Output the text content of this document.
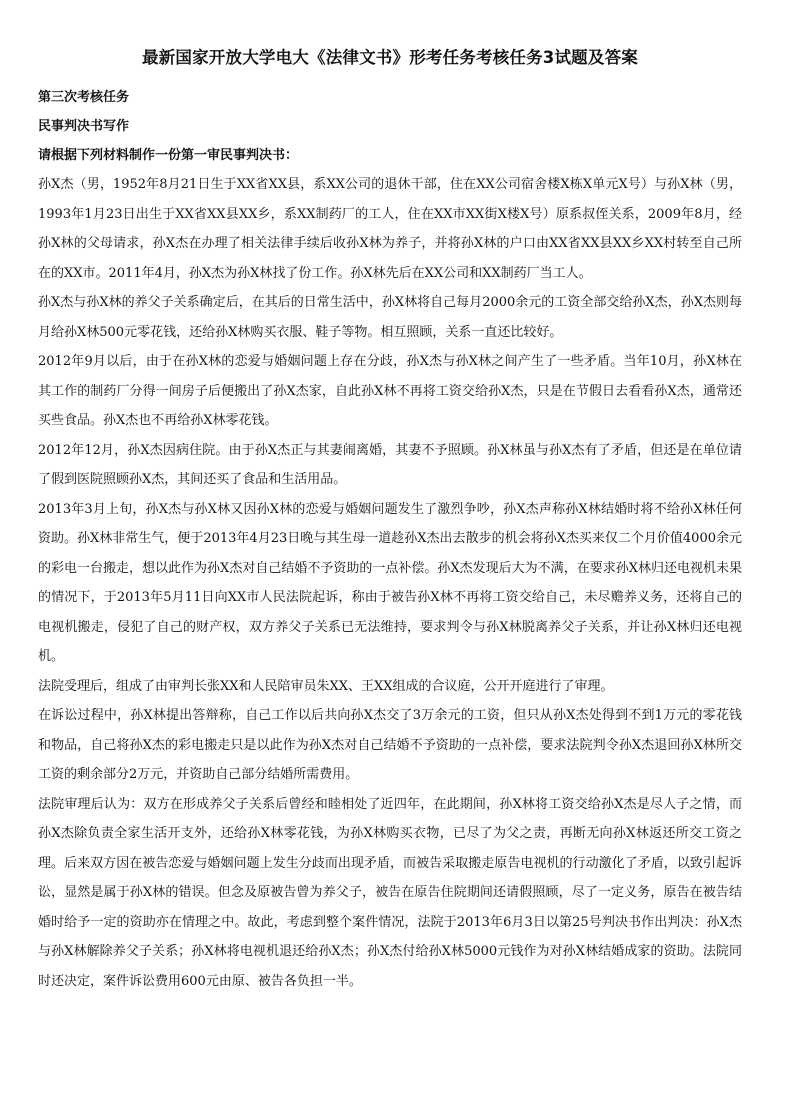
最新国家开放大学电大《法律文书》形考任务考核任务3试题及答案

第三次考核任务

民事判决书写作

请根据下列材料制作一份第一审民事判决书：

孙X杰（男，1952年8月21日生于XX省XX县，系XX公司的退休干部，住在XX公司宿舍楼X栋X单元X号）与孙X林（男，1993年1月23日出生于XX省XX县XX乡，系XX制药厂的工人，住在XX市XX街X楼X号）原系叔侄关系，2009年8月，经孙X林的父母请求，孙X杰在办理了相关法律手续后收孙X林为养子，并将孙X林的户口由XX省XX县XX乡XX村转至自己所在的XX市。2011年4月，孙X杰为孙X林找了份工作。孙X林先后在XX公司和XX制药厂当工人。

孙X杰与孙X林的养父子关系确定后，在其后的日常生活中，孙X林将自己每月2000余元的工资全部交给孙X杰，孙X杰则每月给孙X林500元零花钱，还给孙X林购买衣服、鞋子等物。相互照顾，关系一直还比较好。

2012年9月以后，由于在孙X林的恋爱与婚姻问题上存在分歧，孙X杰与孙X林之间产生了一些矛盾。当年10月，孙X林在其工作的制药厂分得一间房子后便搬出了孙X杰家，自此孙X林不再将工资交给孙X杰，只是在节假日去看看孙X杰，通常还买些食品。孙X杰也不再给孙X林零花钱。

2012年12月，孙X杰因病住院。由于孙X杰正与其妻闹离婚，其妻不予照顾。孙X林虽与孙X杰有了矛盾，但还是在单位请了假到医院照顾孙X杰，其间还买了食品和生活用品。

2013年3月上旬，孙X杰与孙X林又因孙X林的恋爱与婚姻问题发生了激烈争吵，孙X杰声称孙X林结婚时将不给孙X林任何资助。孙X林非常生气，便于2013年4月23日晚与其生母一道趁孙X杰出去散步的机会将孙X杰买来仅二个月价值4000余元的彩电一台搬走，想以此作为孙X杰对自己结婚不予资助的一点补偿。孙X杰发现后大为不满，在要求孙X林归还电视机未果的情况下，于2013年5月11日向XX市人民法院起诉，称由于被告孙X林不再将工资交给自己，未尽赡养义务，还将自己的电视机搬走，侵犯了自己的财产权，双方养父子关系已无法维持，要求判令与孙X林脱离养父子关系，并让孙X林归还电视机。

法院受理后，组成了由审判长张XX和人民陪审员朱XX、王XX组成的合议庭，公开开庭进行了审理。

在诉讼过程中，孙X林提出答辩称，自己工作以后共向孙X杰交了3万余元的工资，但只从孙X杰处得到不到1万元的零花钱和物品，自己将孙X杰的彩电搬走只是以此作为孙X杰对自己结婚不予资助的一点补偿，要求法院判令孙X杰退回孙X林所交工资的剩余部分2万元，并资助自己部分结婚所需费用。

法院审理后认为：双方在形成养父子关系后曾经和睦相处了近四年，在此期间，孙X林将工资交给孙X杰是尽人子之情，而孙X杰除负责全家生活开支外，还给孙X林零花钱，为孙X林购买衣物，已尽了为父之责，再断无向孙X林返还所交工资之理。后来双方因在被告恋爱与婚姻问题上发生分歧而出现矛盾，而被告采取搬走原告电视机的行动激化了矛盾，以致引起诉讼，显然是属于孙X林的错误。但念及原被告曾为养父子，被告在原告住院期间还请假照顾，尽了一定义务，原告在被告结婚时给予一定的资助亦在情理之中。故此，考虑到整个案件情况，法院于2013年6月3日以第25号判决书作出判决：孙X杰与孙X林解除养父子关系；孙X林将电视机退还给孙X杰；孙X杰付给孙X林5000元钱作为对孙X林结婚成家的资助。法院同时还决定，案件诉讼费用600元由原、被告各负担一半。
